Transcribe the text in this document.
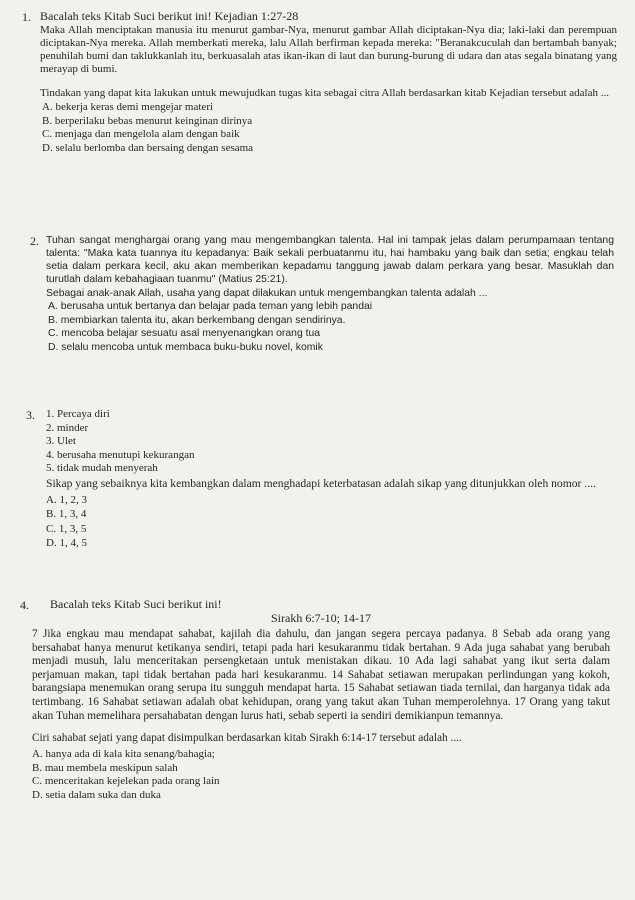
1. Bacalah teks Kitab Suci berikut ini! Kejadian 1:27-28
Maka Allah menciptakan manusia itu menurut gambar-Nya, menurut gambar Allah diciptakan-Nya dia; laki-laki dan perempuan diciptakan-Nya mereka. Allah memberkati mereka, lalu Allah berfirman kepada mereka: "Beranakcuculah dan bertambah banyak; penuhilah bumi dan taklukkanlah itu, berkuasalah atas ikan-ikan di laut dan burung-burung di udara dan atas segala binatang yang merayap di bumi.
Tindakan yang dapat kita lakukan untuk mewujudkan tugas kita sebagai citra Allah berdasarkan kitab Kejadian tersebut adalah ...
A. bekerja keras demi mengejar materi
B. berperilaku bebas menurut keinginan dirinya
C. menjaga dan mengelola alam dengan baik
D. selalu berlomba dan bersaing dengan sesama
2. Tuhan sangat menghargai orang yang mau mengembangkan talenta. Hal ini tampak jelas dalam perumpamaan tentang talenta: "Maka kata tuannya itu kepadanya: Baik sekali perbuatanmu itu, hai hambaku yang baik dan setia; engkau telah setia dalam perkara kecil, aku akan memberikan kepadamu tanggung jawab dalam perkara yang besar. Masuklah dan turutlah dalam kebahagiaan tuanmu" (Matius 25:21).
Sebagai anak-anak Allah, usaha yang dapat dilakukan untuk mengembangkan talenta adalah ...
A. berusaha untuk bertanya dan belajar pada teman yang lebih pandai
B. membiarkan talenta itu, akan berkembang dengan sendirinya.
C. mencoba belajar sesuatu asal menyenangkan orang tua
D. selalu mencoba untuk membaca buku-buku novel, komik
3. 1. Percaya diri
2. minder
3. Ulet
4. berusaha menutupi kekurangan
5. tidak mudah menyerah
Sikap yang sebaiknya kita kembangkan dalam menghadapi keterbatasan adalah sikap yang ditunjukkan oleh nomor ....
A. 1, 2, 3
B. 1, 3, 4
C. 1, 3, 5
D. 1, 4, 5
4. Bacalah teks Kitab Suci berikut ini!
Sirakh 6:7-10; 14-17
7 Jika engkau mau mendapat sahabat, kajilah dia dahulu, dan jangan segera percaya padanya. 8 Sebab ada orang yang bersahabat hanya menurut ketikanya sendiri, tetapi pada hari kesukaranmu tidak bertahan. 9 Ada juga sahabat yang berubah menjadi musuh, lalu menceritakan persengketaan untuk menistakan dikau. 10 Ada lagi sahabat yang ikut serta dalam perjamuan makan, tapi tidak bertahan pada hari kesukaranmu. 14 Sahabat setiawan merupakan perlindungan yang kokoh, barangsiapa menemukan orang serupa itu sungguh mendapat harta. 15 Sahabat setiawan tiada ternilai, dan harganya tidak ada tertimbang. 16 Sahabat setiawan adalah obat kehidupan, orang yang takut akan Tuhan memperolehnya. 17 Orang yang takut akan Tuhan memelihara persahabatan dengan lurus hati, sebab seperti ia sendiri demikianpun temannya.
Ciri sahabat sejati yang dapat disimpulkan berdasarkan kitab Sirakh 6:14-17 tersebut adalah ....
A. hanya ada di kala kita senang/bahagia;
B. mau membela meskipun salah
C. menceritakan kejelekan pada orang lain
D. setia dalam suka dan duka
